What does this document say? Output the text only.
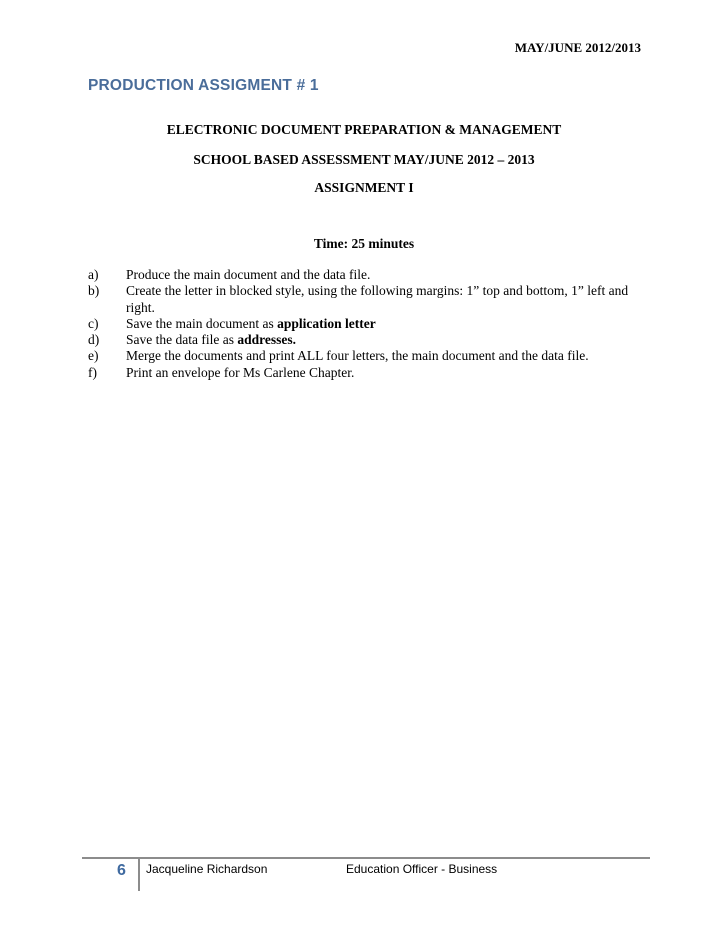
MAY/JUNE 2012/2013
PRODUCTION ASSIGMENT # 1
ELECTRONIC DOCUMENT PREPARATION & MANAGEMENT
SCHOOL BASED ASSESSMENT MAY/JUNE 2012 – 2013
ASSIGNMENT I
Time: 25 minutes
a)	Produce the main document and the data file.
b)	Create the letter in blocked style, using the following margins: 1” top and bottom, 1” left and right.
c)	Save the main document as application letter
d)	Save the data file as addresses.
e)	Merge the documents and print ALL four letters, the main document and the data file.
f)	Print an envelope for Ms Carlene Chapter.
6 Jacqueline Richardson	Education Officer - Business
